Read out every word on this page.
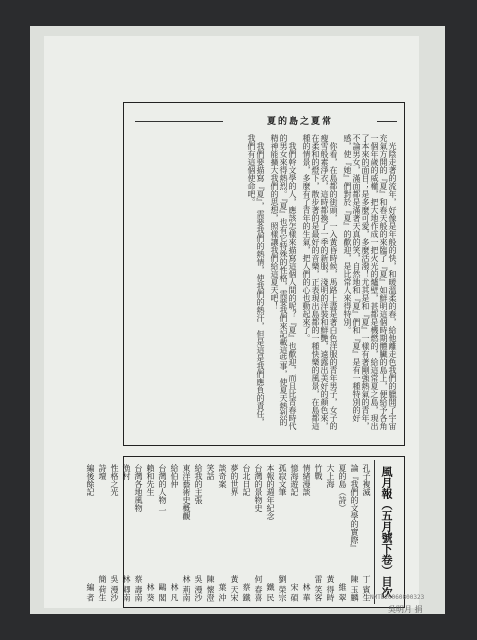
夏的島之夏常

光陰走著的流年，好像是年般的快，和暖溫柔的春，給他離走色我們的臘開了宇宙充氣方開的『夏』和春天般的來臨了『夏』如鮮明這個時期體臟的島上，便給予各角一個年歲的威權，把大地作成一把火光的爐壁，甚都是機燃的，給這常夏之島，現出了本來的面目；是多麼可愛，多麼活潑！尤其是和『夏』一樣有著剛強熱氣的青年，不論男女，滿面都是滿著天真的笑，自然地和『夏』們和『夏』是有一種特別的好感，使『她』們對於『夏』的歡迎，是比常人來得特別。

你看，在島都的街頭，一入黃昏時候，馬路上盡是著白色洋服的青年男子，女子的瘦雪般素淨衣，這時都換了一季的新服，淺明的洋裝和鮮艷，遠露出美好的顏色來，在柔和的燈下，散步著的是最好的音樂，正表現出島都的一種快樂的風景，在島都這種的情景，多麼有了青年的生氣，把人們的心也動起來了。

我們幹文學的人，應該怎樣來描寫這個人間的呢？『夏』也歡迎，而且比青春時代的男女來得熱烈。『夏』也有它特殊的性格，需要我們來記載這些事，使夏天熱烈的精神能擴大我們的思想，照樣讓我們給這夏天吧！

我們要描寫『夏』，需要我們的熱情，使我們的熱汗，但是這是我們應負的責任，我們有這個使命吧。

風月報（五月號下卷）目次
孔子複滅
丁 賓生
論『我們的文學的實際』
陳 玉麟
夏的島（詩）
維 翠
大上海
黃 得時
竹戰
雷 笑客
情緒漫談
林 華
憶海遊記
宋 碩
孤寂文筆
劉 榮宗
本報的週年紀念
鐵 民
台灣的景物史
何 春喜
台北日記
蔡 鐵
夢的世界
黃 天宋
談奇案
葉 沖
笑話
陳 懷澄
給我的主張
吳 漫沙
東洋藝術史概觀
林 荊南
給伯仲
林 凡
台灣的人物 一
鷗 閣
賴和先生
林 葵
台灣各地風物
蔡 壽南
漁村
林 卿南
性格之光
吳 漫沙
詩壇
簡 荷生
編後餘記
編 者	NMTL20060800323
吳明月 捐
